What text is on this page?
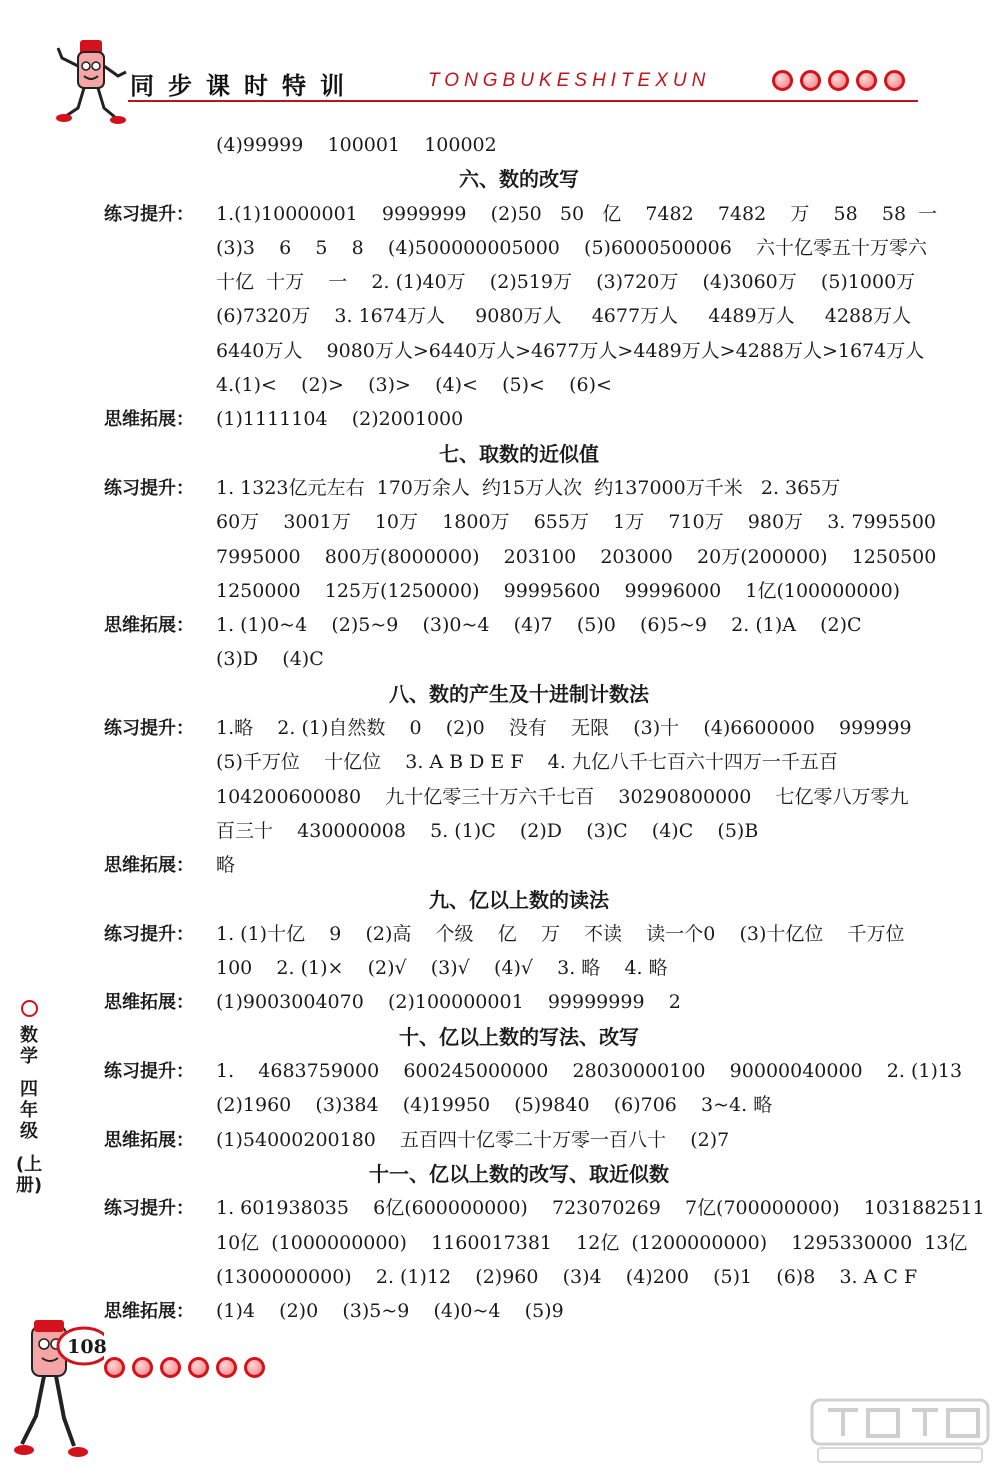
同步课时特训	TONGBUKESHITEXUN
(4)99999    100001    100002
六、数的改写
练习提升： 1.(1)10000001    9999999    (2)50   50   亿    7482    7482    万    58    58  一
(3)3    6    5    8    (4)500000005000    (5)6000500006    六十亿零五十万零六
十亿  十万    一    2. (1)40万    (2)519万    (3)720万    (4)3060万    (5)1000万
(6)7320万    3. 1674万人     9080万人     4677万人     4489万人     4288万人
6440万人    9080万人>6440万人>4677万人>4489万人>4288万人>1674万人
4.(1)<    (2)>    (3)>    (4)<    (5)<    (6)<
思维拓展： (1)1111104    (2)2001000
七、取数的近似值
练习提升： 1. 1323亿元左右  170万余人  约15万人次  约137000万千米   2. 365万
60万    3001万    10万    1800万    655万    1万    710万    980万    3. 7995500
7995000    800万(8000000)    203100    203000    20万(200000)    1250500
1250000    125万(1250000)    99995600    99996000    1亿(100000000)
思维拓展： 1. (1)0~4    (2)5~9    (3)0~4    (4)7    (5)0    (6)5~9    2. (1)A    (2)C
(3)D    (4)C
八、数的产生及十进制计数法
练习提升： 1.略    2. (1)自然数    0    (2)0    没有    无限    (3)十    (4)6600000    999999
(5)千万位    十亿位    3. A B D E F    4. 九亿八千七百六十四万一千五百
104200600080    九十亿零三十万六千七百    30290800000    七亿零八万零九
百三十    430000008    5. (1)C    (2)D    (3)C    (4)C    (5)B
思维拓展： 略
九、亿以上数的读法
练习提升： 1. (1)十亿    9    (2)高    个级    亿    万    不读    读一个0    (3)十亿位    千万位
100    2. (1)×    (2)√    (3)√    (4)√    3. 略    4. 略
思维拓展： (1)9003004070    (2)100000001    99999999    2
十、亿以上数的写法、改写
练习提升： 1.    4683759000    600245000000    28030000100    90000040000    2. (1)13
(2)1960    (3)384    (4)19950    (5)9840    (6)706    3~4. 略
思维拓展： (1)54000200180    五百四十亿零二十万零一百八十    (2)7
十一、亿以上数的改写、取近似数
练习提升： 1. 601938035    6亿(600000000)    723070269    7亿(700000000)    1031882511
10亿  (1000000000)    1160017381    12亿  (1200000000)    1295330000  13亿
(1300000000)    2. (1)12    (2)960    (3)4    (4)200    (5)1    (6)8    3. A C F
思维拓展： (1)4    (2)0    (3)5~9    (4)0~4    (5)9
数学
四年级
(上册)
108
